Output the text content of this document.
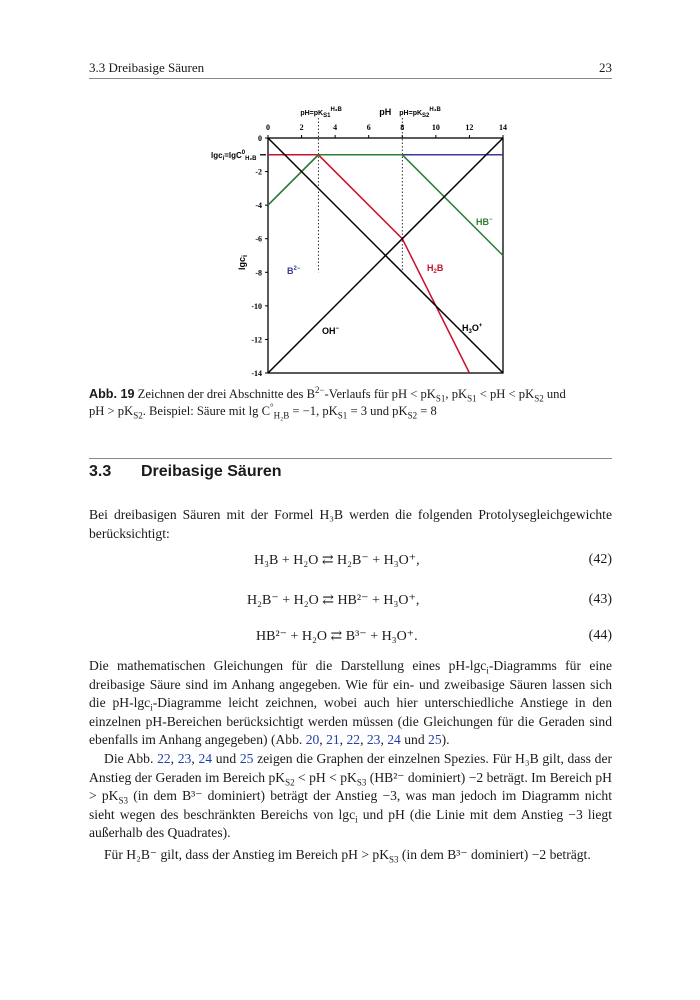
3.3 Dreibasige Säuren	23
0	2	4	6	8	10	12	14
0
-2
-4
-6
-8
-10
-12
-14
$pH=pK_{S1}^{H_3B}$	pH $pH=pK_{S2}^{H_3B}$
lgc$_i$=lgC$^0_{H_2B}$
lgc$_i$
$B^{2-}$	$H_2B$
HB−
OH−	$H_3O^+$
Abb. 19 Zeichnen der drei Abschnitte des $B^{2-}$-Verlaufs für pH < $pK_{S1}$, $pK_{S1}$ < pH < $pK_{S2}$ und
pH > $pK_{S2}$. Beispiel: Säure mit $\lg C^\circ_{H_2B} = -1$, $pK_{S1} = 3$ und $pK_{S2} = 8$
3.3 Dreibasige Säuren
Bei dreibasigen Säuren mit der Formel H₃B werden die folgenden Protolysegleichgewichte berücksichtigt:
H₃B + H₂O ⇄ H₂B⁻ + H₃O⁺,	(42)
H₂B⁻ + H₂O ⇄ HB²⁻ + H₃O⁺,	(43)
HB²⁻ + H₂O ⇄ B³⁻ + H₃O⁺.	(44)
Die mathematischen Gleichungen für die Darstellung eines pH-lgc$_i$-Diagramms für eine dreibasige Säure sind im Anhang angegeben. Wie für ein- und zweibasige Säuren lassen sich die pH-lgc$_i$-Diagramme leicht zeichnen, wobei auch hier unterschiedliche Anstiege in den einzelnen pH-Bereichen berücksichtigt werden müssen (die Gleichungen für die Geraden sind ebenfalls im Anhang angegeben) (Abb. 20, 21, 22, 23, 24 und 25).
Die Abb. 22, 23, 24 und 25 zeigen die Graphen der einzelnen Spezies. Für H₃B gilt, dass der Anstieg der Geraden im Bereich $pK_{S2}$ < pH < $pK_{S3}$ (HB²⁻ dominiert) −2 beträgt. Im Bereich pH > $pK_{S3}$ (in dem B³⁻ dominiert) beträgt der Anstieg −3, was man jedoch im Diagramm nicht sieht wegen des beschränkten Bereichs von lgc$_i$ und pH (die Linie mit dem Anstieg −3 liegt außerhalb des Quadrates).
Für H₂B⁻ gilt, dass der Anstieg im Bereich pH > $pK_{S3}$ (in dem B³⁻ dominiert) −2 beträgt.
